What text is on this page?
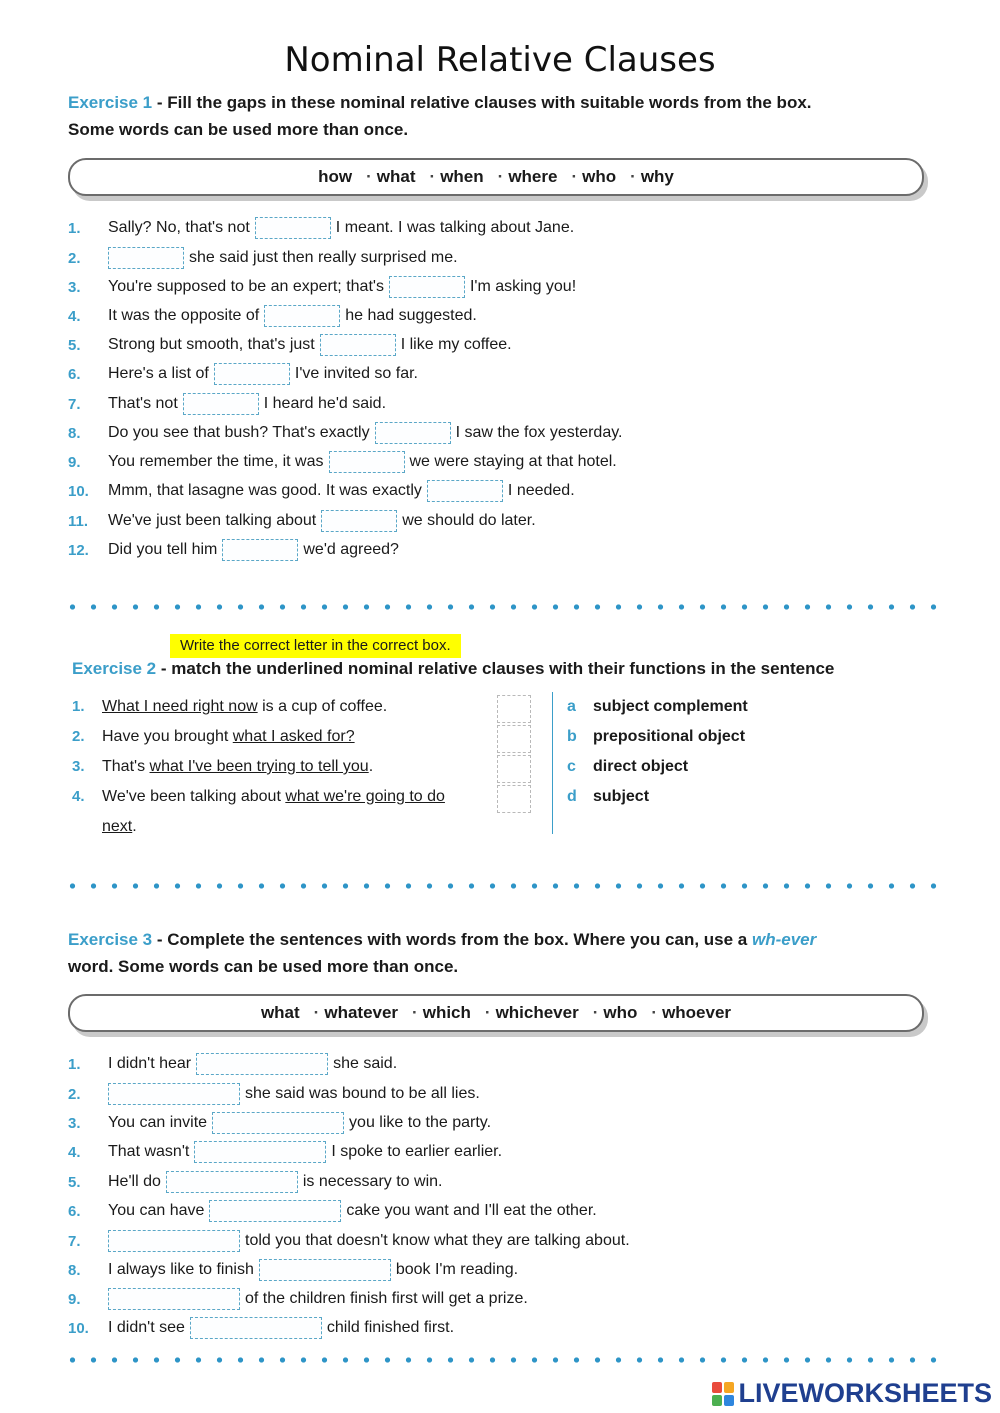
Nominal Relative Clauses
Exercise 1 - Fill the gaps in these nominal relative clauses with suitable words from the box.
Some words can be used more than once.
how · what · when · where · who · why
1.	Sally? No, that's not	I meant. I was talking about Jane.
2.	she said just then really surprised me.
3.	You're supposed to be an expert; that's	I'm asking you!
4.	It was the opposite of	he had suggested.
5.	Strong but smooth, that's just	I like my coffee.
6.	Here's a list of	I've invited so far.
7.	That's not	I heard he'd said.
8.	Do you see that bush? That's exactly	I saw the fox yesterday.
9.	You remember the time, it was	we were staying at that hotel.
10.	Mmm, that lasagne was good. It was exactly	I needed.
11.	We've just been talking about	we should do later.
12.	Did you tell him	we'd agreed?
Write the correct letter in the correct box.
Exercise 2 - match the underlined nominal relative clauses with their functions in the sentence
1. What I need right now is a cup of coffee.
2. Have you brought what I asked for?
3. That's what I've been trying to tell you.
4. We've been talking about what we're going to do
next.
a subject complement
b prepositional object
c direct object
d subject
Exercise 3 - Complete the sentences with words from the box. Where you can, use a wh-ever
word. Some words can be used more than once.
what · whatever · which · whichever · who · whoever
1.	I didn't hear	she said.
2.	she said was bound to be all lies.
3.	You can invite	you like to the party.
4.	That wasn't	I spoke to earlier earlier.
5.	He'll do	is necessary to win.
6.	You can have	cake you want and I'll eat the other.
7.	told you that doesn't know what they are talking about.
8.	I always like to finish	book I'm reading.
9.	of the children finish first will get a prize.
10.	I didn't see	child finished first.
LIVEWORKSHEETS
